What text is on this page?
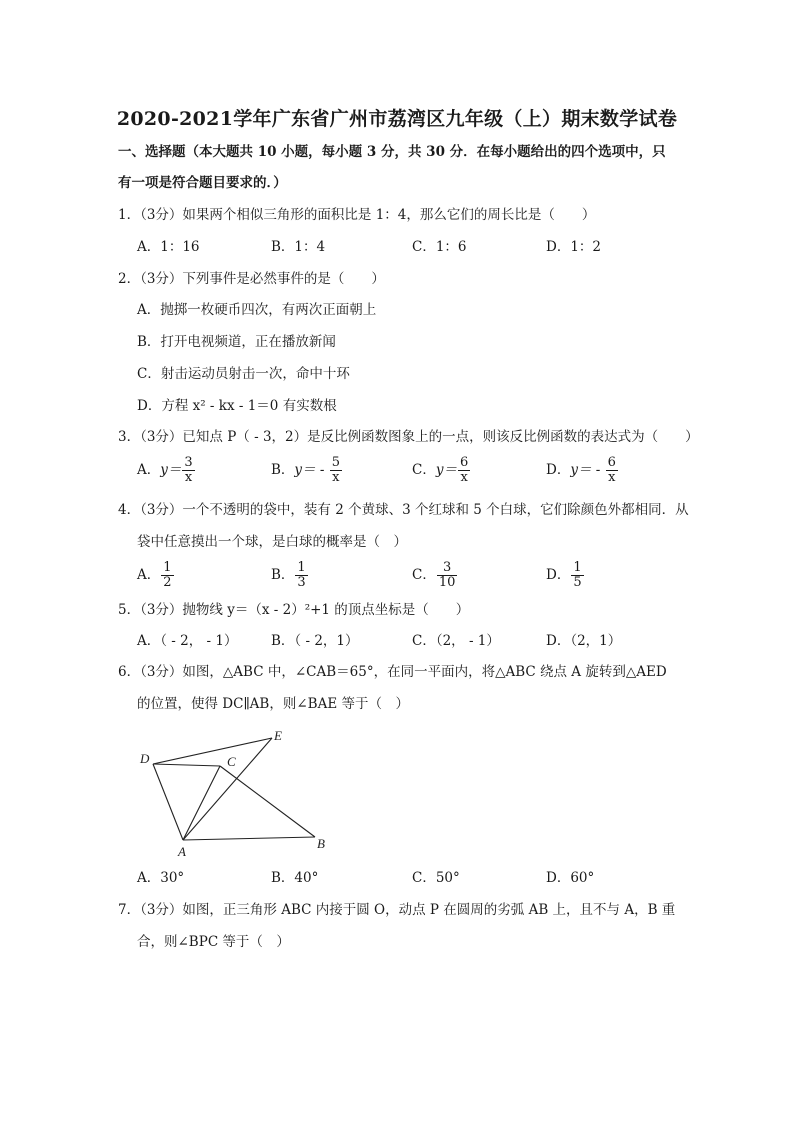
2020-2021学年广东省广州市荔湾区九年级（上）期末数学试卷
一、选择题（本大题共 10 小题，每小题 3 分，共 30 分．在每小题给出的四个选项中，只
有一项是符合题目要求的．）
1．（3分）如果两个相似三角形的面积比是 1：4，那么它们的周长比是（　　）
A．1：16	B．1：4	C．1：6	D．1：2
2．（3分）下列事件是必然事件的是（　　）
A．抛掷一枚硬币四次，有两次正面朝上
B．打开电视频道，正在播放新闻
C．射击运动员射击一次，命中十环
D．方程 x² - kx - 1＝0 有实数根
3．（3分）已知点 P（ - 3，2）是反比例函数图象上的一点，则该反比例函数的表达式为（　　）
A．$y= \frac{3}{x}$	B．$y= - \frac{5}{x}$	C．$y= \frac{6}{x}$	D．$y= - \frac{6}{x}$
4．（3分）一个不透明的袋中，装有 2 个黄球、3 个红球和 5 个白球，它们除颜色外都相同．从
袋中任意摸出一个球，是白球的概率是（　）
A． $\frac{1}{2}$	B． $\frac{1}{3}$	C． $\frac{3}{10}$	D． $\frac{1}{5}$
5．（3分）抛物线 y＝（x - 2）²+1 的顶点坐标是（　　）
A．（ - 2， - 1） B．（ - 2，1）	C．（2， - 1）	D．（2，1）
6．（3分）如图，△ABC 中，∠CAB＝65°，在同一平面内，将△ABC 绕点 A 旋转到△AED
的位置，使得 DC∥AB，则∠BAE 等于（　）
D
E
C
A
B
A．30°	B．40°	C．50°	D．60°
7．（3分）如图，正三角形 ABC 内接于圆 O，动点 P 在圆周的劣弧 AB 上，且不与 A，B 重
合，则∠BPC 等于（　）
